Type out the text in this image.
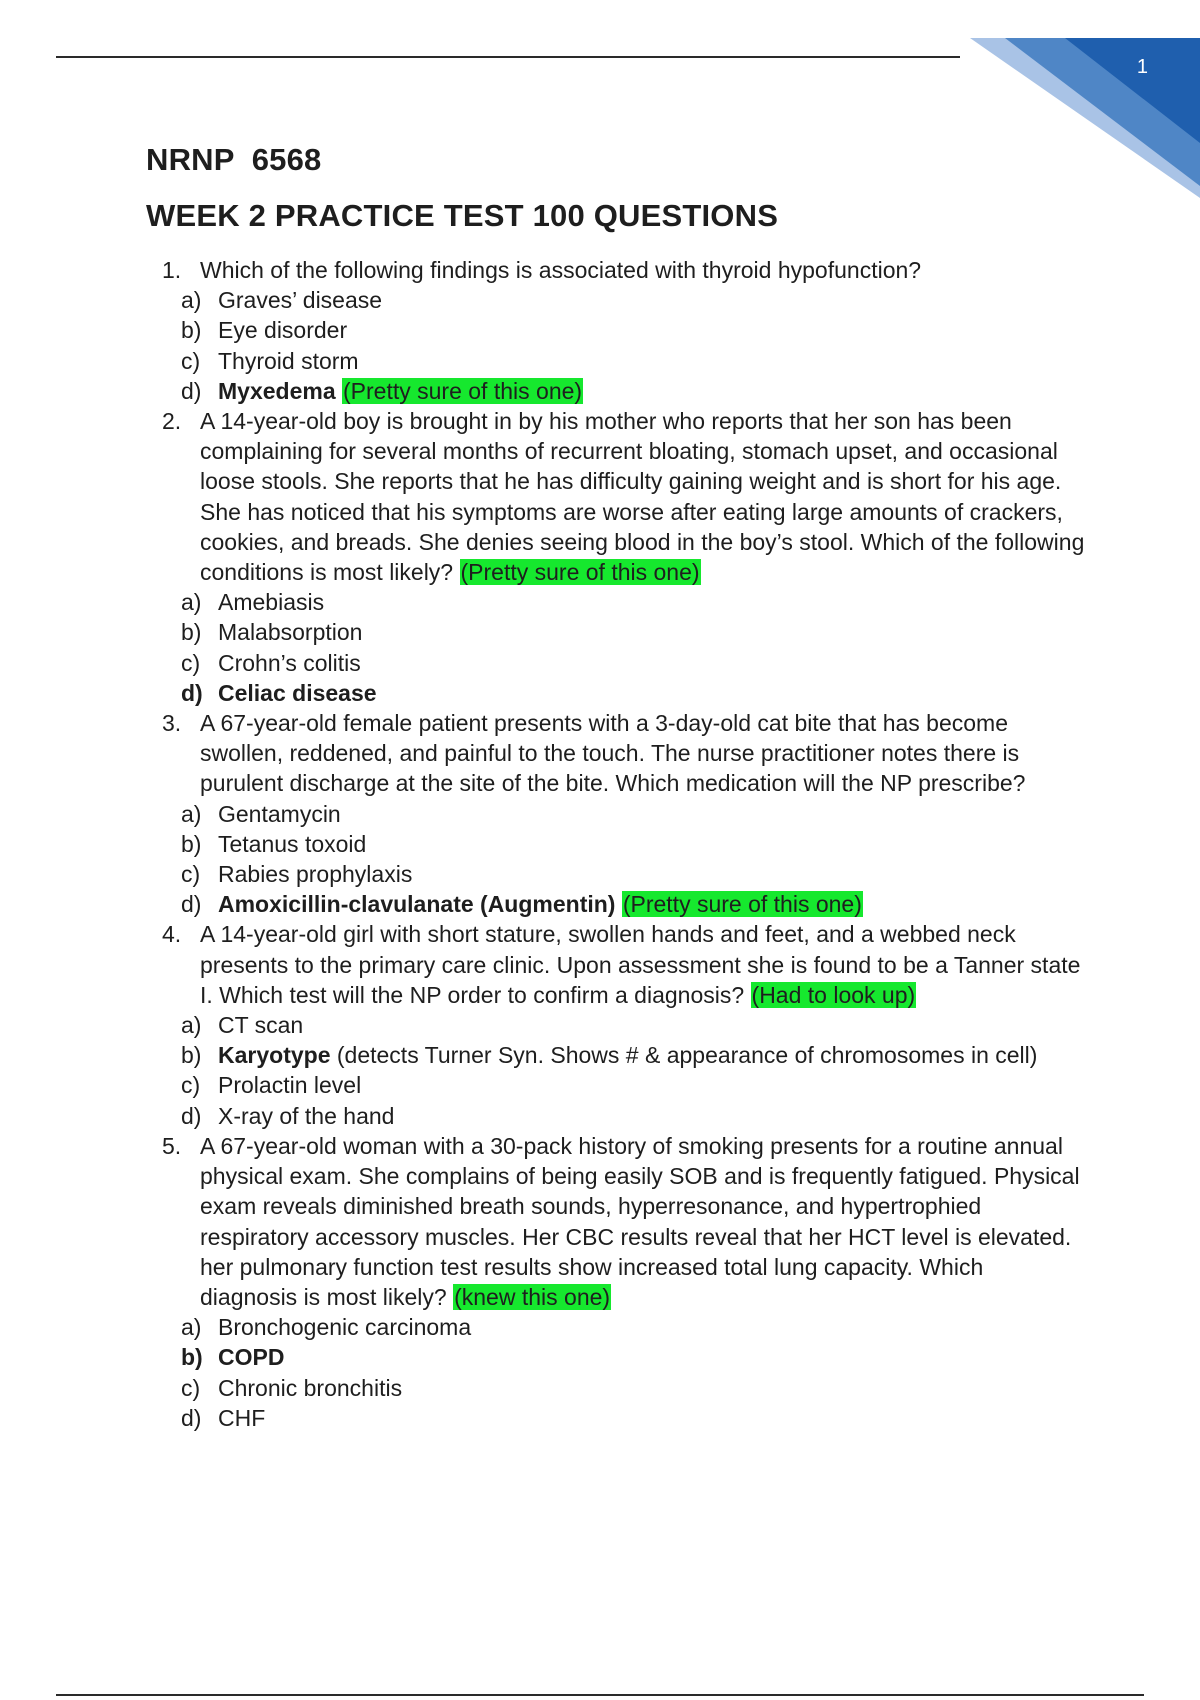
1
NRNP  6568
WEEK 2 PRACTICE TEST 100 QUESTIONS
1. Which of the following findings is associated with thyroid hypofunction?
a) Graves’ disease
b) Eye disorder
c) Thyroid storm
d) Myxedema (Pretty sure of this one)
2. A 14-year-old boy is brought in by his mother who reports that her son has been complaining for several months of recurrent bloating, stomach upset, and occasional loose stools. She reports that he has difficulty gaining weight and is short for his age. She has noticed that his symptoms are worse after eating large amounts of crackers, cookies, and breads. She denies seeing blood in the boy’s stool. Which of the following conditions is most likely? (Pretty sure of this one)
a) Amebiasis
b) Malabsorption
c) Crohn’s colitis
d) Celiac disease
3. A 67-year-old female patient presents with a 3-day-old cat bite that has become swollen, reddened, and painful to the touch. The nurse practitioner notes there is purulent discharge at the site of the bite. Which medication will the NP prescribe?
a) Gentamycin
b) Tetanus toxoid
c) Rabies prophylaxis
d) Amoxicillin-clavulanate (Augmentin) (Pretty sure of this one)
4. A 14-year-old girl with short stature, swollen hands and feet, and a webbed neck presents to the primary care clinic. Upon assessment she is found to be a Tanner state I. Which test will the NP order to confirm a diagnosis? (Had to look up)
a) CT scan
b) Karyotype (detects Turner Syn. Shows # & appearance of chromosomes in cell)
c) Prolactin level
d) X-ray of the hand
5. A 67-year-old woman with a 30-pack history of smoking presents for a routine annual physical exam. She complains of being easily SOB and is frequently fatigued. Physical exam reveals diminished breath sounds, hyperresonance, and hypertrophied respiratory accessory muscles. Her CBC results reveal that her HCT level is elevated. her pulmonary function test results show increased total lung capacity. Which diagnosis is most likely? (knew this one)
a) Bronchogenic carcinoma
b) COPD
c) Chronic bronchitis
d) CHF
